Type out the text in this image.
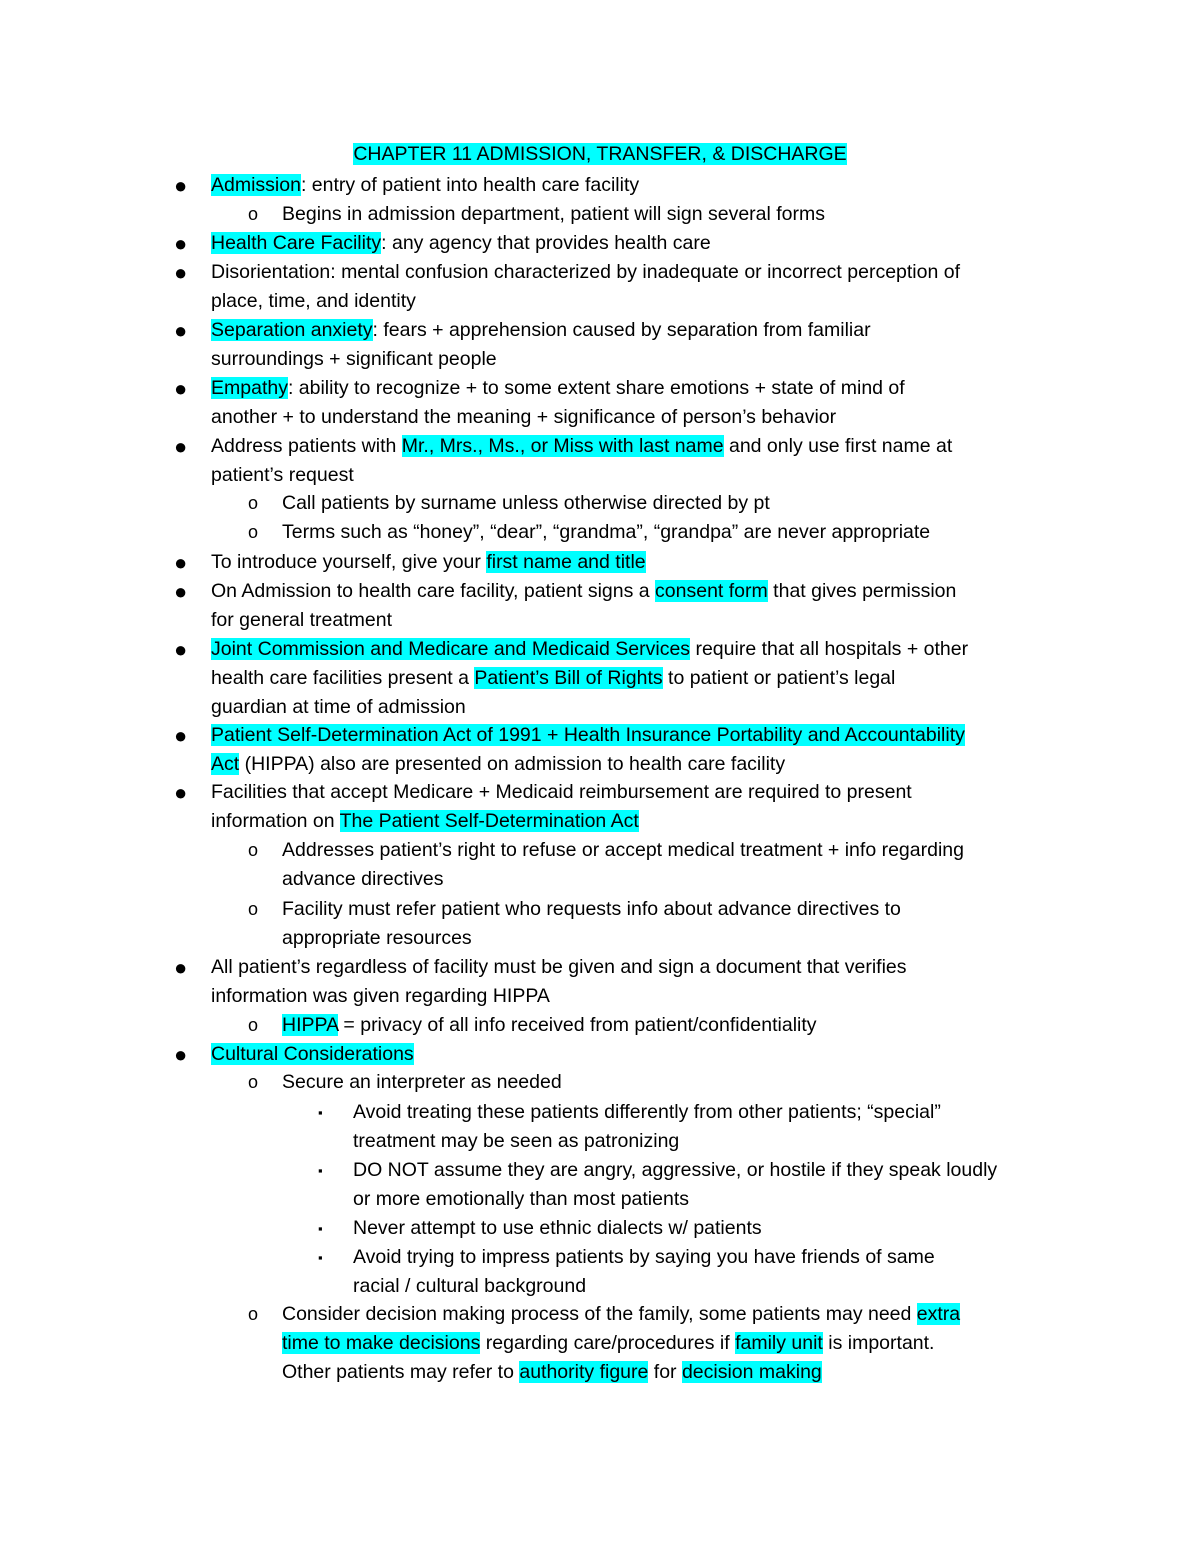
CHAPTER 11 ADMISSION, TRANSFER, & DISCHARGE
● Admission: entry of patient into health care facility
o Begins in admission department, patient will sign several forms
● Health Care Facility: any agency that provides health care
● Disorientation: mental confusion characterized by inadequate or incorrect perception of
place, time, and identity
● Separation anxiety: fears + apprehension caused by separation from familiar
surroundings + significant people
● Empathy: ability to recognize + to some extent share emotions + state of mind of
another + to understand the meaning + significance of person’s behavior
● Address patients with Mr., Mrs., Ms., or Miss with last name and only use first name at
patient’s request
o Call patients by surname unless otherwise directed by pt
o Terms such as “honey”, “dear”, “grandma”, “grandpa” are never appropriate
● To introduce yourself, give your first name and title
● On Admission to health care facility, patient signs a consent form that gives permission
for general treatment
● Joint Commission and Medicare and Medicaid Services require that all hospitals + other
health care facilities present a Patient’s Bill of Rights to patient or patient’s legal
guardian at time of admission
● Patient Self-Determination Act of 1991 + Health Insurance Portability and Accountability
Act (HIPPA) also are presented on admission to health care facility
● Facilities that accept Medicare + Medicaid reimbursement are required to present
information on The Patient Self-Determination Act
o Addresses patient’s right to refuse or accept medical treatment + info regarding
advance directives
o Facility must refer patient who requests info about advance directives to
appropriate resources
● All patient’s regardless of facility must be given and sign a document that verifies
information was given regarding HIPPA
o HIPPA = privacy of all info received from patient/confidentiality
● Cultural Considerations
o Secure an interpreter as needed
▪ Avoid treating these patients differently from other patients; “special”
treatment may be seen as patronizing
▪ DO NOT assume they are angry, aggressive, or hostile if they speak loudly
or more emotionally than most patients
▪ Never attempt to use ethnic dialects w/ patients
▪ Avoid trying to impress patients by saying you have friends of same
racial / cultural background
o Consider decision making process of the family, some patients may need extra
time to make decisions regarding care/procedures if family unit is important.
Other patients may refer to authority figure for decision making
